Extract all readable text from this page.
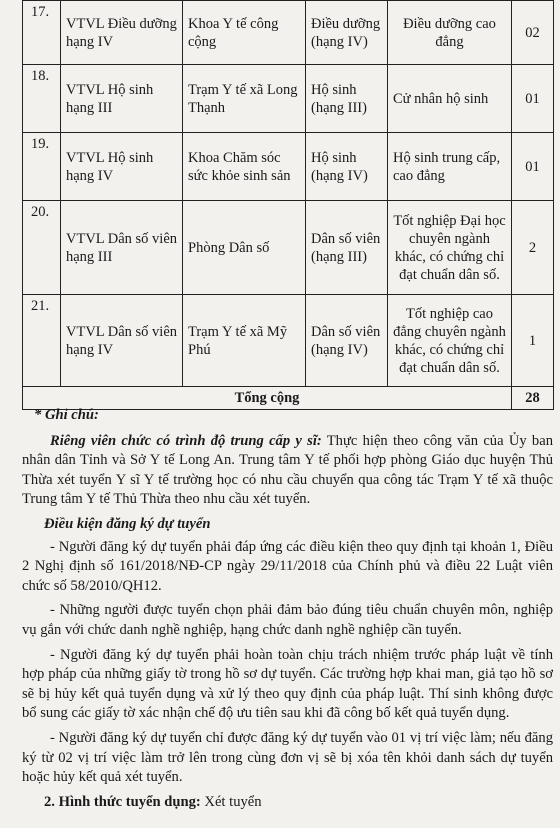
17.	VTVL Điều dưỡng hạng IV	Khoa Y tế công cộng	Điều dưỡng (hạng IV)	Điều dưỡng cao đẳng	02
18.	VTVL Hộ sinh hạng III	Trạm Y tế xã Long Thạnh	Hộ sinh (hạng III)	Cử nhân hộ sinh	01
19.	VTVL Hộ sinh hạng IV	Khoa Chăm sóc sức khỏe sinh sản	Hộ sinh (hạng IV)	Hộ sinh trung cấp, cao đẳng	01
20.	VTVL Dân số viên hạng III	Phòng Dân số	Dân số viên (hạng III)	Tốt nghiệp Đại học chuyên ngành khác, có chứng chỉ đạt chuẩn dân số.	2
21.	VTVL Dân số viên hạng IV	Trạm Y tế xã Mỹ Phú	Dân số viên (hạng IV)	Tốt nghiệp cao đẳng chuyên ngành khác, có chứng chỉ đạt chuẩn dân số.	1
Tổng cộng					28

* Ghi chú:

Riêng viên chức có trình độ trung cấp y sĩ: Thực hiện theo công văn của Ủy ban nhân dân Tỉnh và Sở Y tế Long An. Trung tâm Y tế phối hợp phòng Giáo dục huyện Thủ Thừa xét tuyển Y sĩ Y tế trường học có nhu cầu chuyển qua công tác Trạm Y tế xã thuộc Trung tâm Y tế Thủ Thừa theo nhu cầu xét tuyển.

Điều kiện đăng ký dự tuyển

- Người đăng ký dự tuyển phải đáp ứng các điều kiện theo quy định tại khoản 1, Điều 2 Nghị định số 161/2018/NĐ-CP ngày 29/11/2018 của Chính phủ và điều 22 Luật viên chức số 58/2010/QH12.

- Những người được tuyển chọn phải đảm bảo đúng tiêu chuẩn chuyên môn, nghiệp vụ gắn với chức danh nghề nghiệp, hạng chức danh nghề nghiệp cần tuyển.

- Người đăng ký dự tuyển phải hoàn toàn chịu trách nhiệm trước pháp luật về tính hợp pháp của những giấy tờ trong hồ sơ dự tuyển. Các trường hợp khai man, giả tạo hồ sơ sẽ bị hủy kết quả tuyển dụng và xử lý theo quy định của pháp luật. Thí sinh không được bổ sung các giấy tờ xác nhận chế độ ưu tiên sau khi đã công bố kết quả tuyển dụng.

- Người đăng ký dự tuyển chỉ được đăng ký dự tuyển vào 01 vị trí việc làm; nếu đăng ký từ 02 vị trí việc làm trở lên trong cùng đơn vị sẽ bị xóa tên khỏi danh sách dự tuyển hoặc hủy kết quả xét tuyển.

2. Hình thức tuyển dụng: Xét tuyển
